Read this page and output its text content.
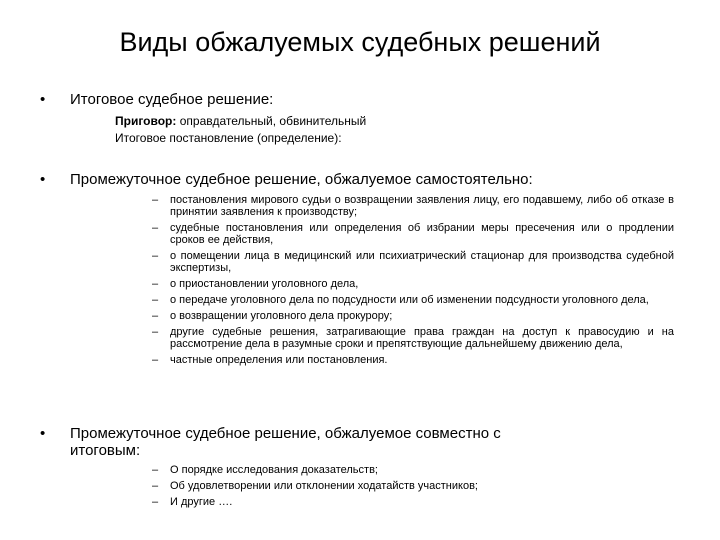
Виды обжалуемых судебных решений
• Итоговое судебное решение:
Приговор: оправдательный, обвинительный
Итоговое постановление (определение):
• Промежуточное судебное решение, обжалуемое самостоятельно:
– постановления мирового судьи о возвращении заявления лицу, его подавшему, либо об отказе в принятии заявления к производству;
– судебные постановления или определения об избрании меры пресечения или о продлении сроков ее действия,
– о помещении лица в медицинский или психиатрический стационар для производства судебной экспертизы,
– о приостановлении уголовного дела,
– о передаче уголовного дела по подсудности или об изменении подсудности уголовного дела,
– о возвращении уголовного дела прокурору;
– другие судебные решения, затрагивающие права граждан на доступ к правосудию и на рассмотрение дела в разумные сроки и препятствующие дальнейшему движению дела,
– частные определения или постановления.
• Промежуточное судебное решение, обжалуемое совместно с
итоговым:
– О порядке исследования доказательств;
– Об удовлетворении или отклонении ходатайств участников;
– И другие ….
